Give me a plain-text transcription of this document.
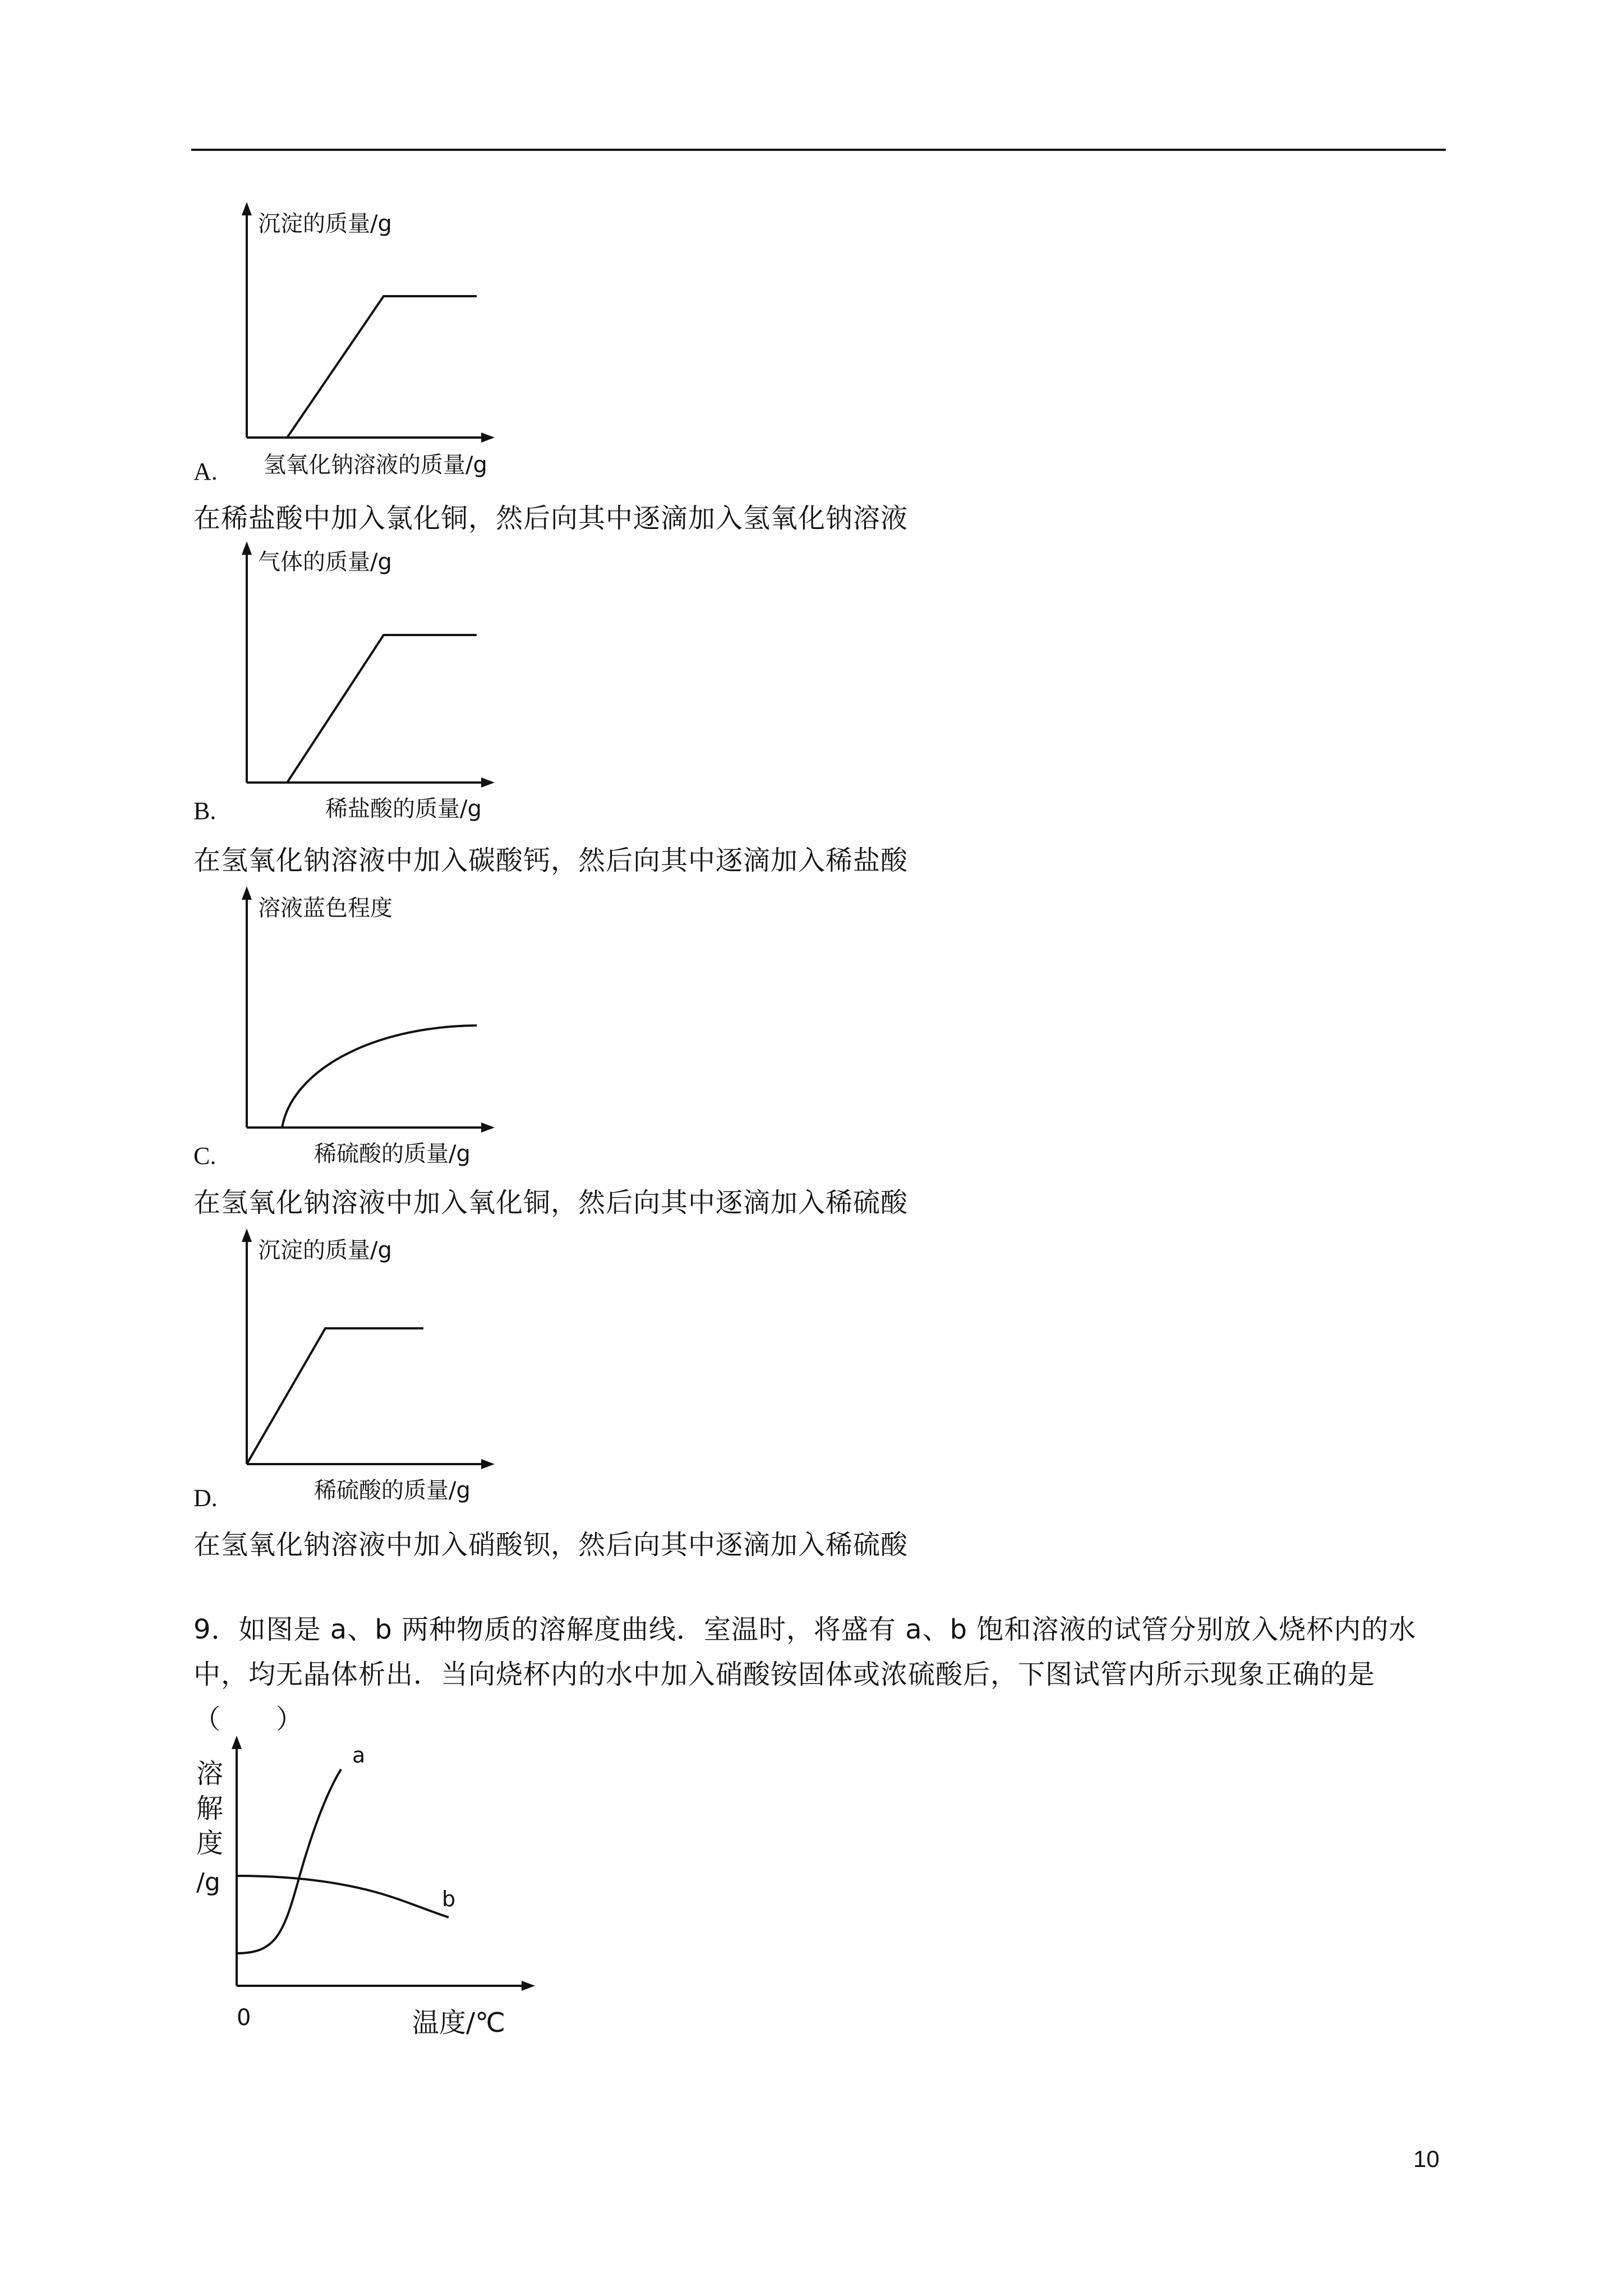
沉淀的质量/g
氢氧化钠溶液的质量/g
A.
在稀盐酸中加入氯化铜，然后向其中逐滴加入氢氧化钠溶液
气体的质量/g
稀盐酸的质量/g
B.
在氢氧化钠溶液中加入碳酸钙，然后向其中逐滴加入稀盐酸
溶液蓝色程度
稀硫酸的质量/g
C.
在氢氧化钠溶液中加入氧化铜，然后向其中逐滴加入稀硫酸
沉淀的质量/g
稀硫酸的质量/g
D.
在氢氧化钠溶液中加入硝酸钡，然后向其中逐滴加入稀硫酸
9．如图是 a、b 两种物质的溶解度曲线．室温时，将盛有 a、b 饱和溶液的试管分别放入烧杯内的水中，均无晶体析出．当向烧杯内的水中加入硝酸铵固体或浓硫酸后，下图试管内所示现象正确的是（　　）
a
b
溶
解
度
/g
0	温度/℃
10
